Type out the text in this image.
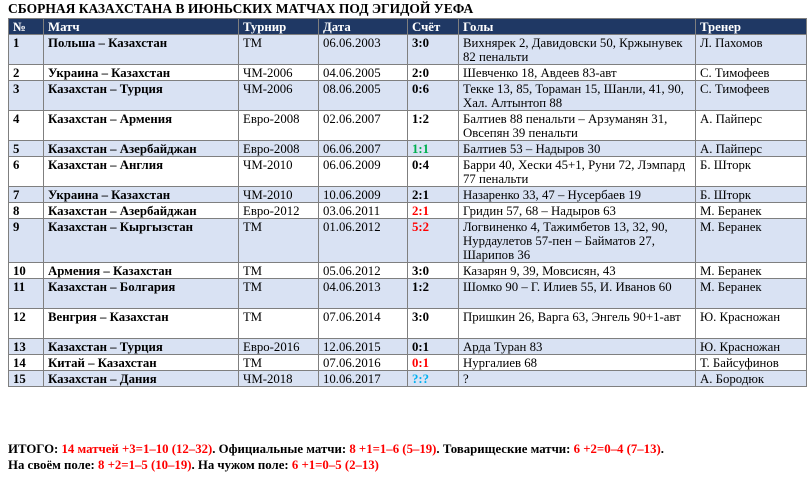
СБОРНАЯ КАЗАХСТАНА В ИЮНЬСКИХ МАТЧАХ ПОД ЭГИДОЙ УЕФА
№	Матч	Турнир	Дата	Счёт	Голы	Тренер
1	Польша – Казахстан	ТМ	06.06.2003	3:0	Вихнярек 2, Давидовски 50, Кржынувек 82 пенальти	Л. Пахомов
2	Украина – Казахстан	ЧМ-2006	04.06.2005	2:0	Шевченко 18, Авдеев 83-авт	С. Тимофеев
3	Казахстан – Турция	ЧМ-2006	08.06.2005	0:6	Текке 13, 85, Тораман 15, Шанли, 41, 90, Хал. Алтынтоп 88	С. Тимофеев
4	Казахстан – Армения	Евро-2008	02.06.2007	1:2	Балтиев 88 пенальти – Арзуманян 31, Овсепян 39 пенальти	А. Пайперс
5	Казахстан – Азербайджан	Евро-2008	06.06.2007	1:1	Балтиев 53 – Надыров 30	А. Пайперс
6	Казахстан – Англия	ЧМ-2010	06.06.2009	0:4	Барри 40, Хески 45+1, Руни 72, Лэмпард 77 пенальти	Б. Шторк
7	Украина – Казахстан	ЧМ-2010	10.06.2009	2:1	Назаренко 33, 47 – Нусербаев 19	Б. Шторк
8	Казахстан – Азербайджан	Евро-2012	03.06.2011	2:1	Гридин 57, 68 – Надыров 63	М. Беранек
9	Казахстан – Кыргызстан	ТМ	01.06.2012	5:2	Логвиненко 4, Тажимбетов 13, 32, 90, Нурдаулетов 57-пен – Байматов 27, Шарипов 36	М. Беранек
10	Армения – Казахстан	ТМ	05.06.2012	3:0	Казарян 9, 39, Мовсисян, 43	М. Беранек
11	Казахстан – Болгария	ТМ	04.06.2013	1:2	Шомко 90 – Г. Илиев 55, И. Иванов 60	М. Беранек
12	Венгрия – Казахстан	ТМ	07.06.2014	3:0	Пришкин 26, Варга 63, Энгель 90+1-авт	Ю. Красножан
13	Казахстан – Турция	Евро-2016	12.06.2015	0:1	Арда Туран 83	Ю. Красножан
14	Китай – Казахстан	ТМ	07.06.2016	0:1	Нургалиев 68	Т. Байсуфинов
15	Казахстан – Дания	ЧМ-2018	10.06.2017	?:?	?	А. Бородюк
ИТОГО: 14 матчей +3=1–10 (12–32). Официальные матчи: 8 +1=1–6 (5–19). Товарищеские матчи: 6 +2=0–4 (7–13).
На своём поле: 8 +2=1–5 (10–19). На чужом поле: 6 +1=0–5 (2–13)
